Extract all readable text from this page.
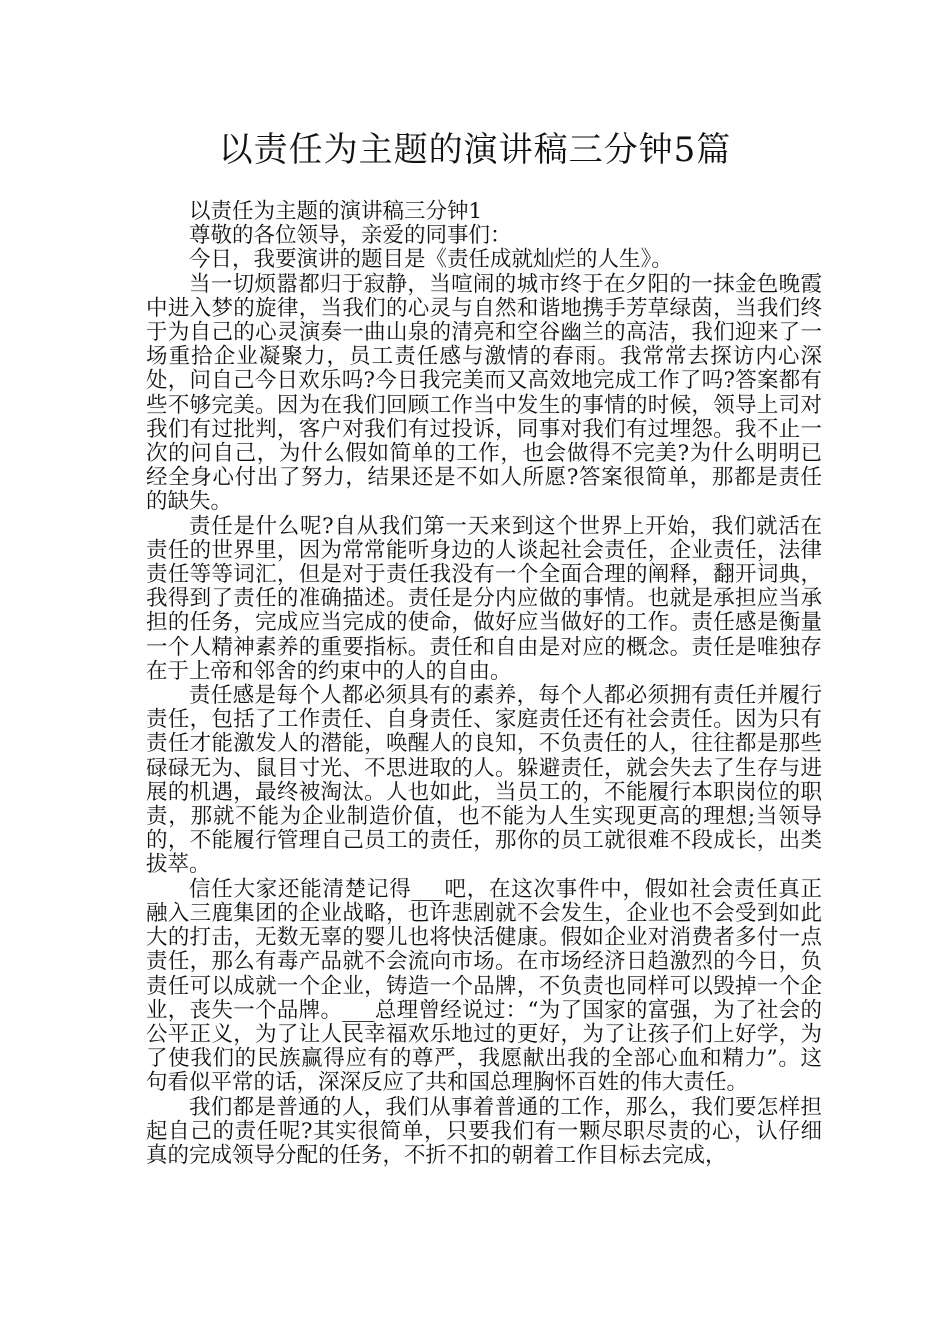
以责任为主题的演讲稿三分钟5篇

以责任为主题的演讲稿三分钟1

尊敬的各位领导，亲爱的同事们：

今日，我要演讲的题目是《责任成就灿烂的人生》。

当一切烦嚣都归于寂静，当喧闹的城市终于在夕阳的一抹金色晚霞中进入梦的旋律，当我们的心灵与自然和谐地携手芳草绿茵，当我们终于为自己的心灵演奏一曲山泉的清亮和空谷幽兰的高洁，我们迎来了一场重拾企业凝聚力，员工责任感与激情的春雨。我常常去探访内心深处，问自己今日欢乐吗?今日我完美而又高效地完成工作了吗?答案都有些不够完美。因为在我们回顾工作当中发生的事情的时候，领导上司对我们有过批判，客户对我们有过投诉，同事对我们有过埋怨。我不止一次的问自己，为什么假如简单的工作，也会做得不完美?为什么明明已经全身心付出了努力，结果还是不如人所愿?答案很简单，那都是责任的缺失。

责任是什么呢?自从我们第一天来到这个世界上开始，我们就活在责任的世界里，因为常常能听身边的人谈起社会责任，企业责任，法律责任等等词汇，但是对于责任我没有一个全面合理的阐释，翻开词典，我得到了责任的准确描述。责任是分内应做的事情。也就是承担应当承担的任务，完成应当完成的使命，做好应当做好的工作。责任感是衡量一个人精神素养的重要指标。责任和自由是对应的概念。责任是唯独存在于上帝和邻舍的约束中的人的自由。

责任感是每个人都必须具有的素养，每个人都必须拥有责任并履行责任，包括了工作责任、自身责任、家庭责任还有社会责任。因为只有责任才能激发人的潜能，唤醒人的良知，不负责任的人，往往都是那些碌碌无为、鼠目寸光、不思进取的人。躲避责任，就会失去了生存与进展的机遇，最终被淘汰。人也如此，当员工的，不能履行本职岗位的职责，那就不能为企业制造价值，也不能为人生实现更高的理想;当领导的，不能履行管理自己员工的责任，那你的员工就很难不段成长，出类拔萃。

信任大家还能清楚记得___吧，在这次事件中，假如社会责任真正融入三鹿集团的企业战略，也许悲剧就不会发生，企业也不会受到如此大的打击，无数无辜的婴儿也将快活健康。假如企业对消费者多付一点责任，那么有毒产品就不会流向市场。在市场经济日趋激烈的今日，负责任可以成就一个企业，铸造一个品牌，不负责也同样可以毁掉一个企业，丧失一个品牌。___总理曾经说过：“为了国家的富强，为了社会的公平正义，为了让人民幸福欢乐地过的更好，为了让孩子们上好学，为了使我们的民族赢得应有的尊严，我愿献出我的全部心血和精力”。这句看似平常的话，深深反应了共和国总理胸怀百姓的伟大责任。

我们都是普通的人，我们从事着普通的工作，那么，我们要怎样担起自己的责任呢?其实很简单，只要我们有一颗尽职尽责的心，认仔细真的完成领导分配的任务，不折不扣的朝着工作目标去完成，
